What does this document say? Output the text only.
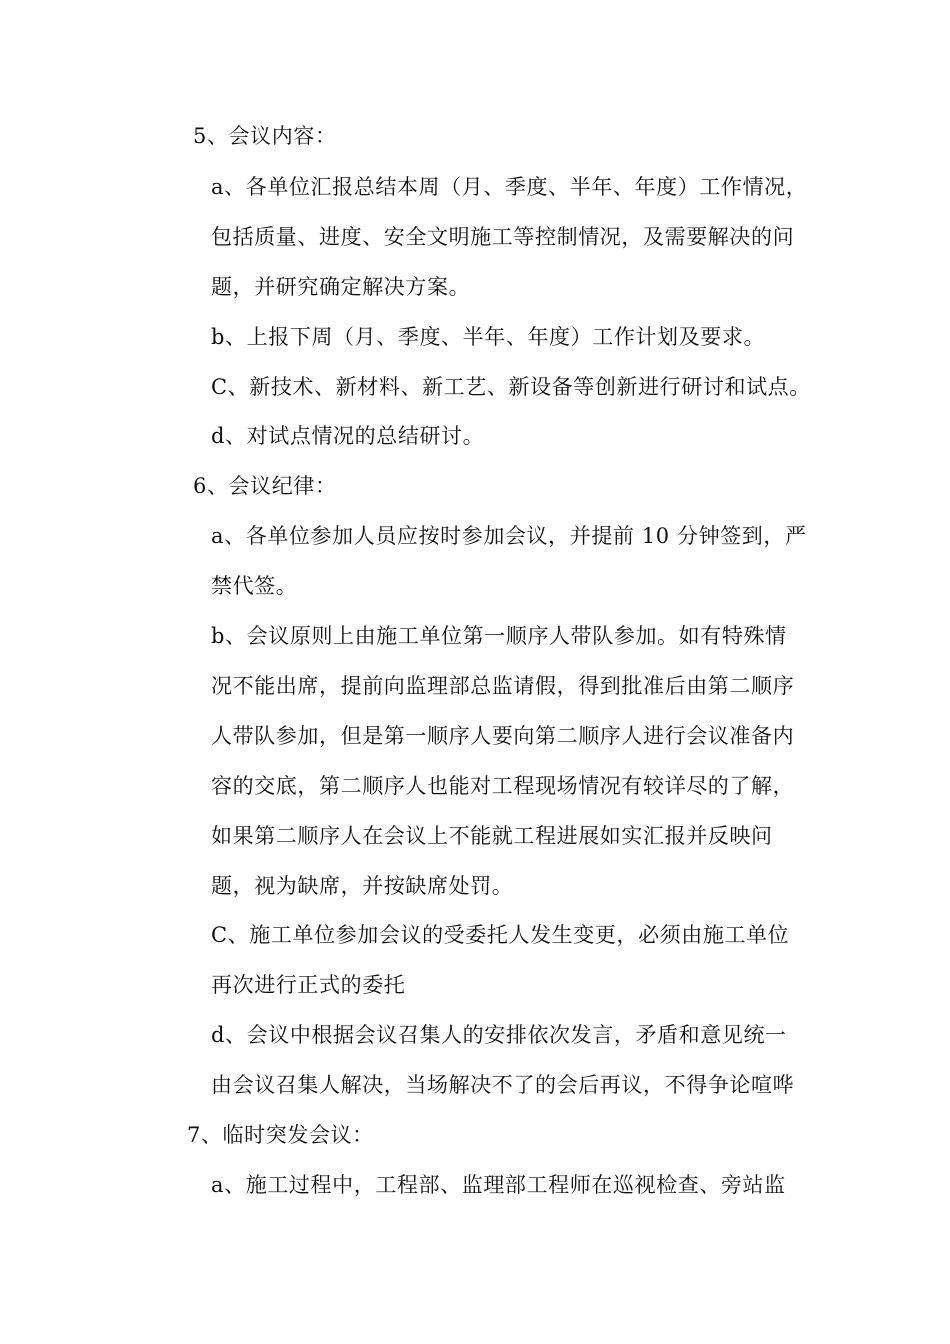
5、会议内容：
a、各单位汇报总结本周（月、季度、半年、年度）工作情况，
包括质量、进度、安全文明施工等控制情况，及需要解决的问
题，并研究确定解决方案。
b、上报下周（月、季度、半年、年度）工作计划及要求。
C、新技术、新材料、新工艺、新设备等创新进行研讨和试点。
d、对试点情况的总结研讨。
6、会议纪律：
a、各单位参加人员应按时参加会议，并提前 10 分钟签到，严
禁代签。
b、会议原则上由施工单位第一顺序人带队参加。如有特殊情
况不能出席，提前向监理部总监请假，得到批准后由第二顺序
人带队参加，但是第一顺序人要向第二顺序人进行会议准备内
容的交底，第二顺序人也能对工程现场情况有较详尽的了解，
如果第二顺序人在会议上不能就工程进展如实汇报并反映问
题，视为缺席，并按缺席处罚。
C、施工单位参加会议的受委托人发生变更，必须由施工单位
再次进行正式的委托
d、会议中根据会议召集人的安排依次发言，矛盾和意见统一
由会议召集人解决，当场解决不了的会后再议，不得争论喧哗
7、临时突发会议：
a、施工过程中，工程部、监理部工程师在巡视检查、旁站监
